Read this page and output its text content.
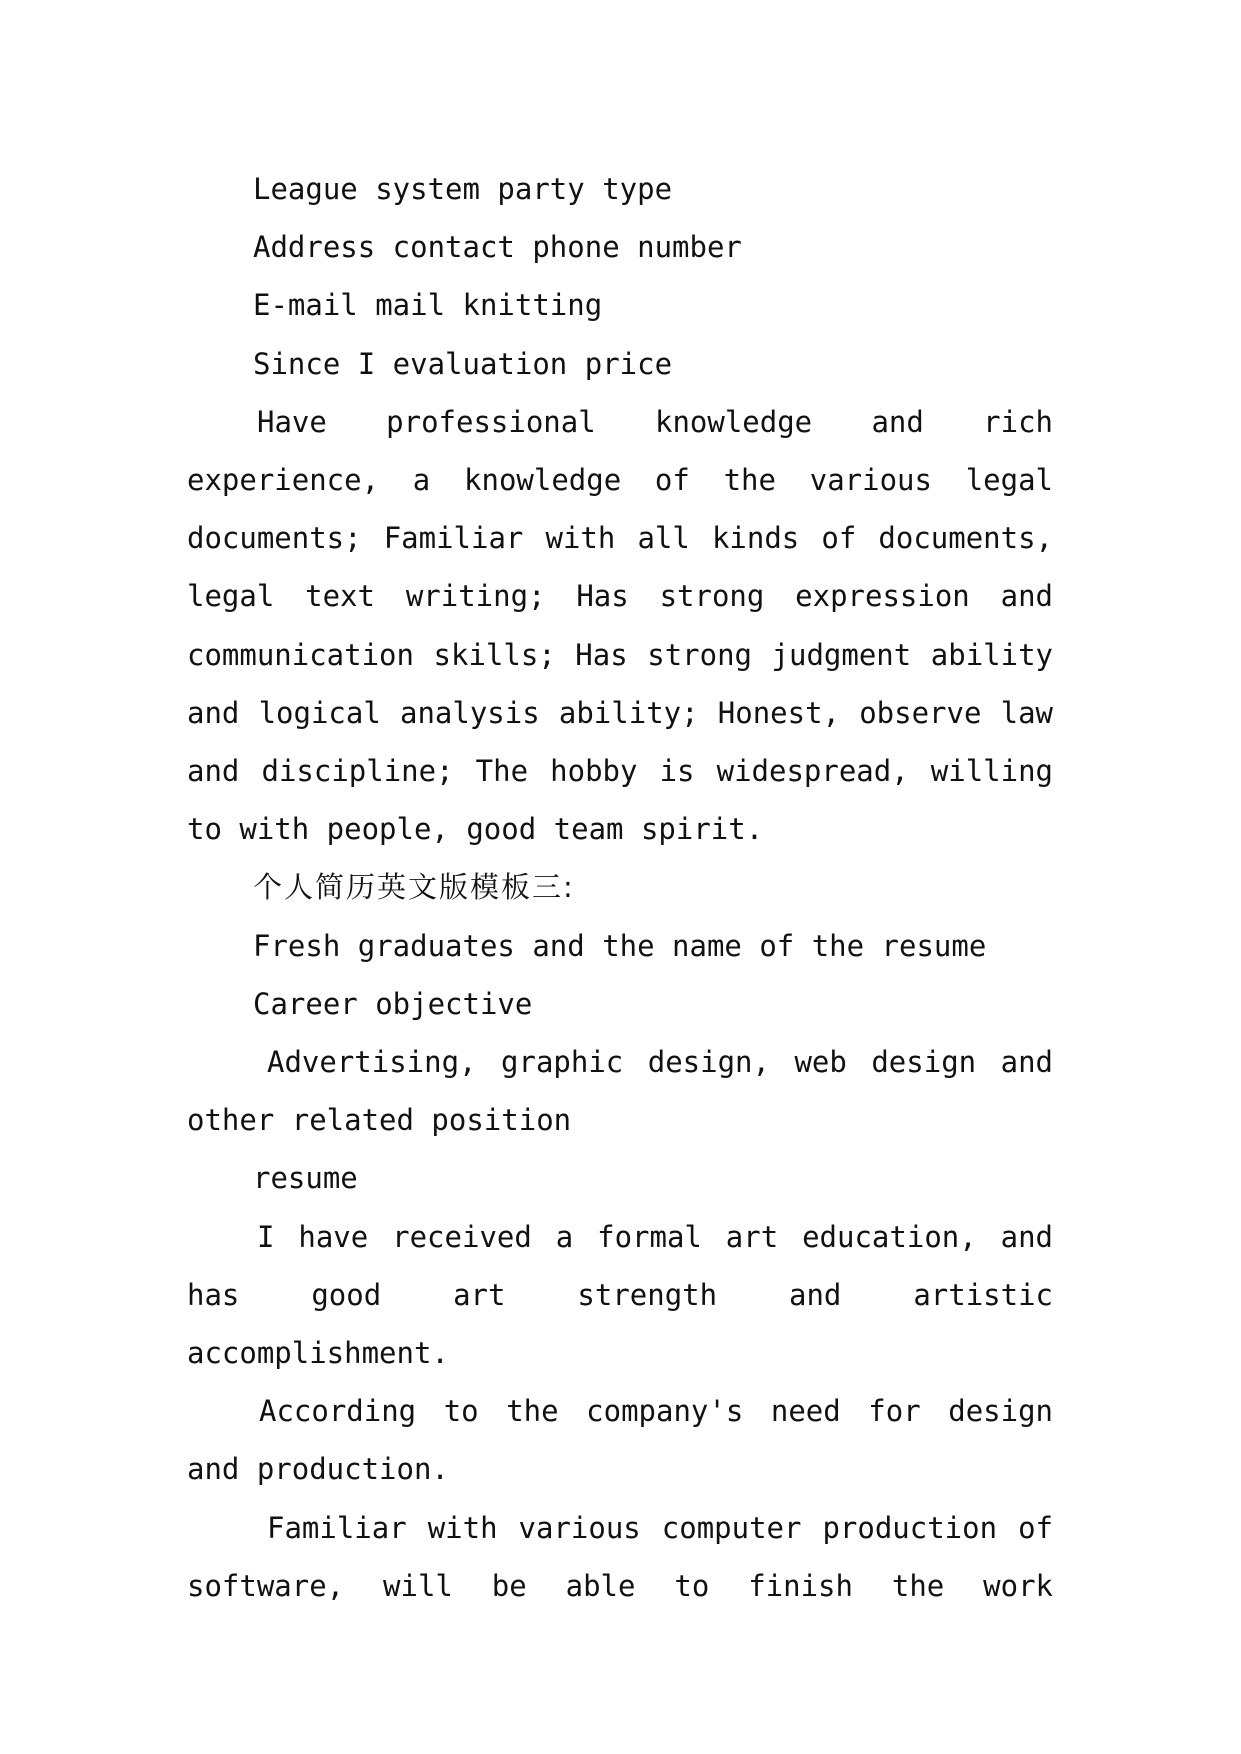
League system party type
Address contact phone number
E-mail mail knitting
Since I evaluation price

Have professional knowledge and rich experience, a knowledge of the various legal documents; Familiar with all kinds of documents, legal text writing; Has strong expression and communication skills; Has strong judgment ability and logical analysis ability; Honest, observe law and discipline; The hobby is widespread, willing to with people, good team spirit.

个人简历英文版模板三:
Fresh graduates and the name of the resume
Career objective

Advertising, graphic design, web design and other related position

resume

I have received a formal art education, and has good art strength and artistic accomplishment.

According to the company's need for design and production.

Familiar with various computer production of software, will be able to finish the work
